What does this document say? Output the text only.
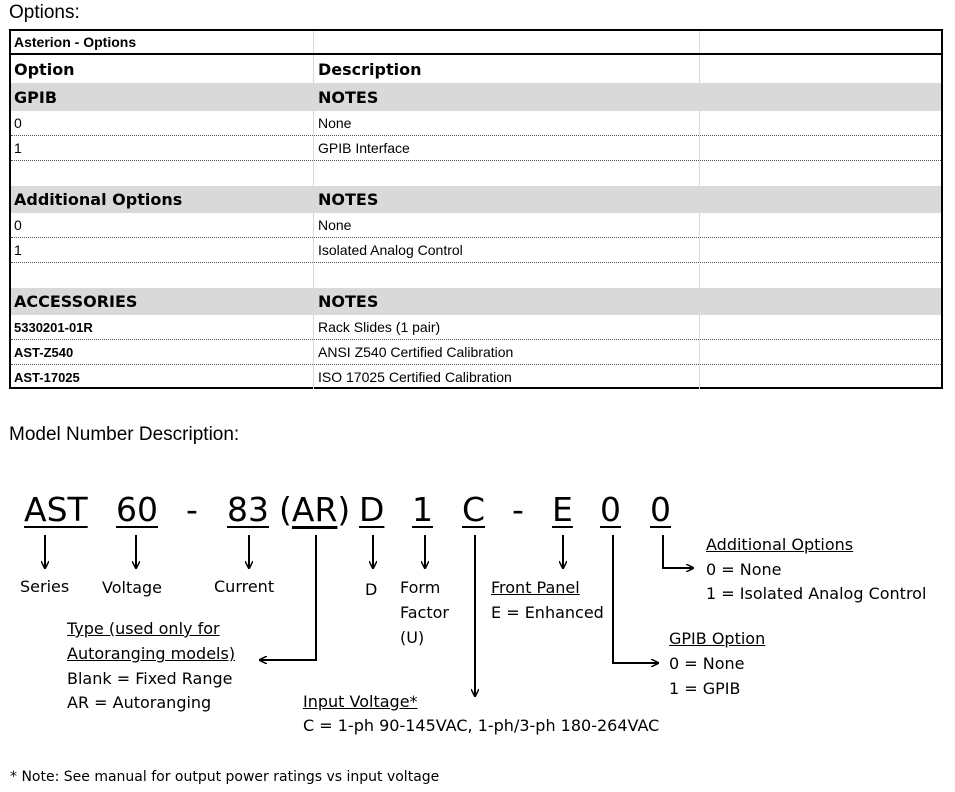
Options:
Asterion - Options
Option	Description
GPIB	NOTES
0	None
1	GPIB Interface
Additional Options	NOTES
0	None
1	Isolated Analog Control
ACCESSORIES	NOTES
5330201-01R	Rack Slides (1 pair)
AST-Z540	ANSI Z540 Certified Calibration
AST-17025	ISO 17025 Certified Calibration
Model Number Description:
AST 60 - 83 (AR) D 1 C - E 0 0
Series Voltage	Current	D Form
Factor
(U)
Front Panel
E = Enhanced
Additional Options
0 = None
1 = Isolated Analog Control
GPIB Option
0 = None
1 = GPIB
Type (used only for
Autoranging models)
Blank = Fixed Range
AR = Autoranging	Input Voltage*
C = 1-ph 90-145VAC, 1-ph/3-ph 180-264VAC
* Note: See manual for output power ratings vs input voltage
